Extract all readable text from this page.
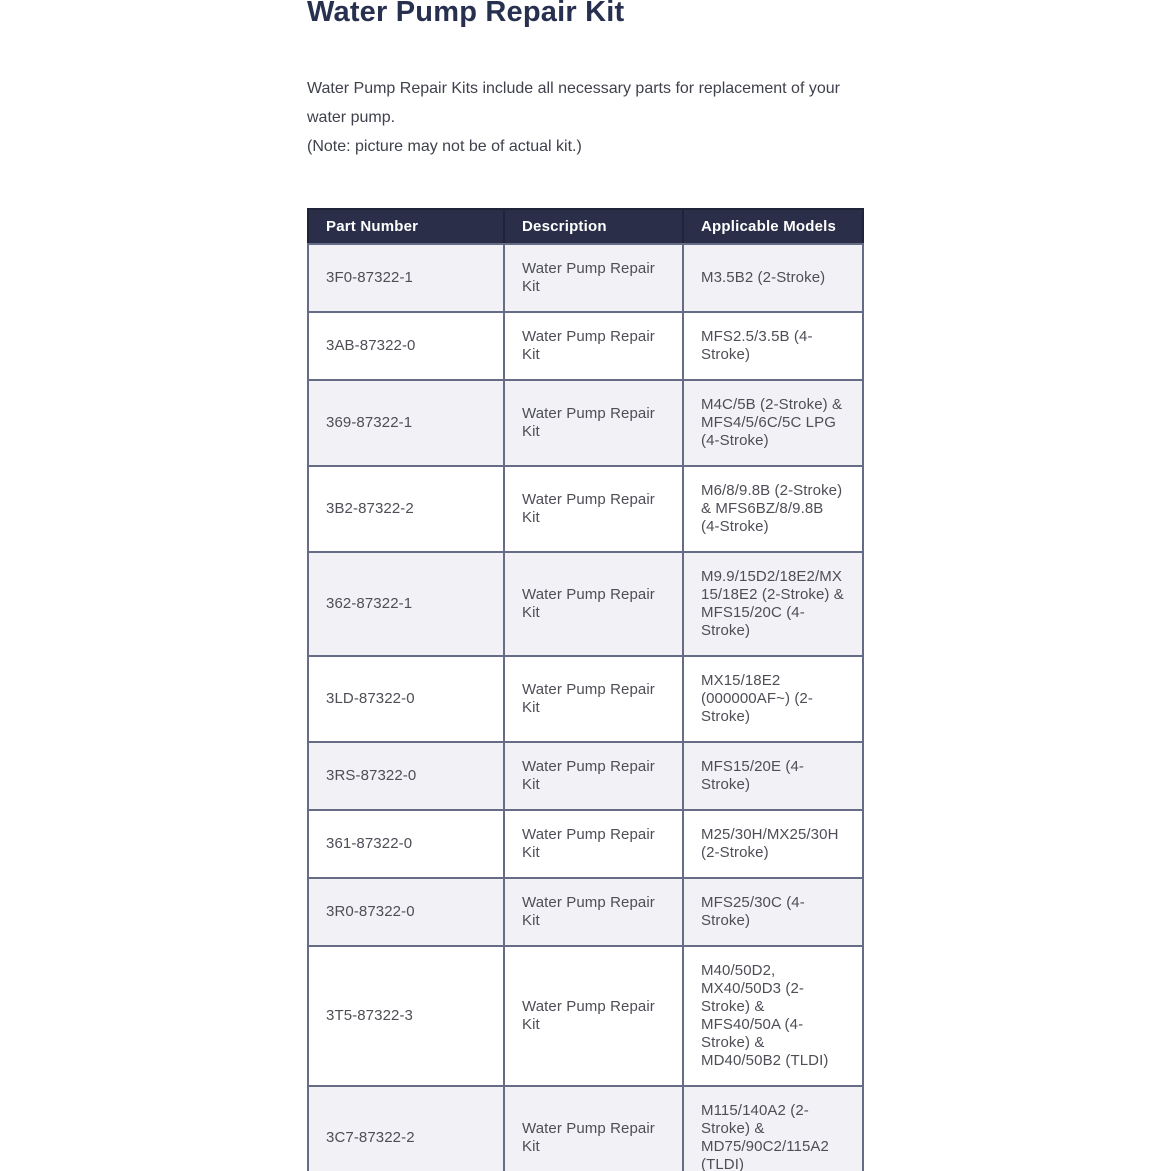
Water Pump Repair Kit

Water Pump Repair Kits include all necessary parts for replacement of your water pump.

(Note: picture may not be of actual kit.)

Part Number	Description	Applicable Models
3F0-87322-1	Water Pump Repair Kit	M3.5B2 (2-Stroke)
3AB-87322-0	Water Pump Repair Kit	MFS2.5/3.5B (4-Stroke)
369-87322-1	Water Pump Repair Kit	M4C/5B (2-Stroke) & MFS4/5/6C/5C LPG (4-Stroke)
3B2-87322-2	Water Pump Repair Kit	M6/8/9.8B (2-Stroke) & MFS6BZ/8/9.8B (4-Stroke)
362-87322-1	Water Pump Repair Kit	M9.9/15D2/18E2/MX15/18E2 (2-Stroke) & MFS15/20C (4-Stroke)
3LD-87322-0	Water Pump Repair Kit	MX15/18E2 (000000AF~) (2-Stroke)
3RS-87322-0	Water Pump Repair Kit	MFS15/20E (4-Stroke)
361-87322-0	Water Pump Repair Kit	M25/30H/MX25/30H (2-Stroke)
3R0-87322-0	Water Pump Repair Kit	MFS25/30C (4-Stroke)
3T5-87322-3	Water Pump Repair Kit	M40/50D2, MX40/50D3 (2-Stroke) & MFS40/50A (4-Stroke) & MD40/50B2 (TLDI)
3C7-87322-2	Water Pump Repair Kit	M115/140A2 (2-Stroke) & MD75/90C2/115A2 (TLDI)
